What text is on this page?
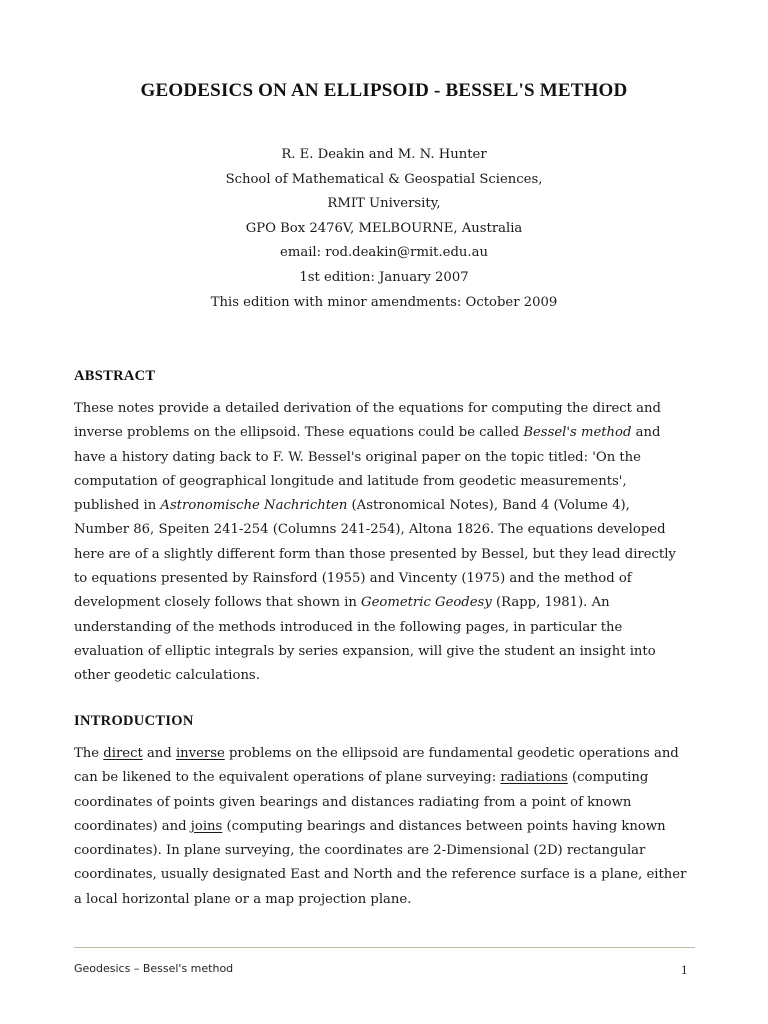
GEODESICS ON AN ELLIPSOID - BESSEL'S METHOD
R. E. Deakin and M. N. Hunter
School of Mathematical & Geospatial Sciences,
RMIT University,
GPO Box 2476V, MELBOURNE, Australia
email: rod.deakin@rmit.edu.au
1st edition: January 2007
This edition with minor amendments: October 2009
ABSTRACT
These notes provide a detailed derivation of the equations for computing the direct and
inverse problems on the ellipsoid. These equations could be called Bessel's method and
have a history dating back to F. W. Bessel's original paper on the topic titled: 'On the
computation of geographical longitude and latitude from geodetic measurements',
published in Astronomische Nachrichten (Astronomical Notes), Band 4 (Volume 4),
Number 86, Speiten 241-254 (Columns 241-254), Altona 1826. The equations developed
here are of a slightly different form than those presented by Bessel, but they lead directly
to equations presented by Rainsford (1955) and Vincenty (1975) and the method of
development closely follows that shown in Geometric Geodesy (Rapp, 1981). An
understanding of the methods introduced in the following pages, in particular the
evaluation of elliptic integrals by series expansion, will give the student an insight into
other geodetic calculations.
INTRODUCTION
The direct and inverse problems on the ellipsoid are fundamental geodetic operations and
can be likened to the equivalent operations of plane surveying: radiations (computing
coordinates of points given bearings and distances radiating from a point of known
coordinates) and joins (computing bearings and distances between points having known
coordinates). In plane surveying, the coordinates are 2-Dimensional (2D) rectangular
coordinates, usually designated East and North and the reference surface is a plane, either
a local horizontal plane or a map projection plane.
Geodesics – Bessel's method	1
